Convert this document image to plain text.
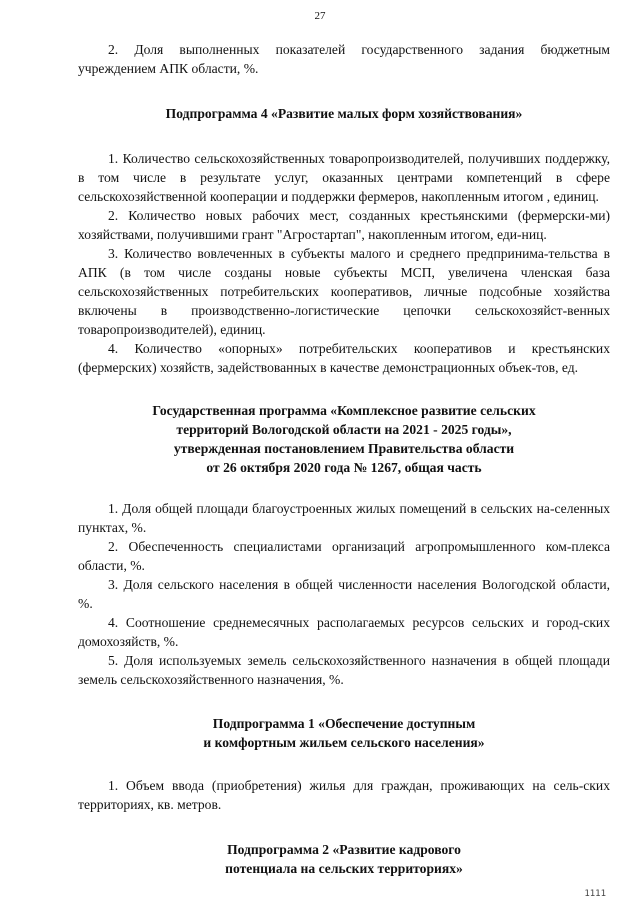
27

2. Доля выполненных показателей государственного задания бюджетным учреждением АПК области, %.

Подпрограмма 4 «Развитие малых форм хозяйствования»

1. Количество сельскохозяйственных товаропроизводителей, получивших поддержку, в том числе в результате услуг, оказанных центрами компетенций в сфере сельскохозяйственной кооперации и поддержки фермеров, накопленным итогом , единиц.

2. Количество новых рабочих мест, созданных крестьянскими (фермерски-ми) хозяйствами, получившими грант "Агростартап", накопленным итогом, еди-ниц.

3. Количество вовлеченных в субъекты малого и среднего предпринима-тельства в АПК (в том числе созданы новые субъекты МСП, увеличена членская база сельскохозяйственных потребительских кооперативов, личные подсобные хозяйства включены в производственно-логистические цепочки сельскохозяйст-венных товаропроизводителей), единиц.

4. Количество «опорных» потребительских кооперативов и крестьянских (фермерских) хозяйств, задействованных в качестве демонстрационных объек-тов, ед.

Государственная программа «Комплексное развитие сельских
территорий Вологодской области на 2021 - 2025 годы»,
утвержденная постановлением Правительства области
от 26 октября 2020 года № 1267, общая часть

1. Доля общей площади благоустроенных жилых помещений в сельских на-селенных пунктах, %.

2. Обеспеченность специалистами организаций агропромышленного ком-плекса области, %.

3. Доля сельского населения в общей численности населения Вологодской области, %.

4. Соотношение среднемесячных располагаемых ресурсов сельских и город-ских домохозяйств, %.

5. Доля используемых земель сельскохозяйственного назначения в общей площади земель сельскохозяйственного назначения, %.

Подпрограмма 1 «Обеспечение доступным
и комфортным жильем сельского населения»

1. Объем ввода (приобретения) жилья для граждан, проживающих на сель-ских территориях, кв. метров.

Подпрограмма 2 «Развитие кадрового
потенциала на сельских территориях»
1111
